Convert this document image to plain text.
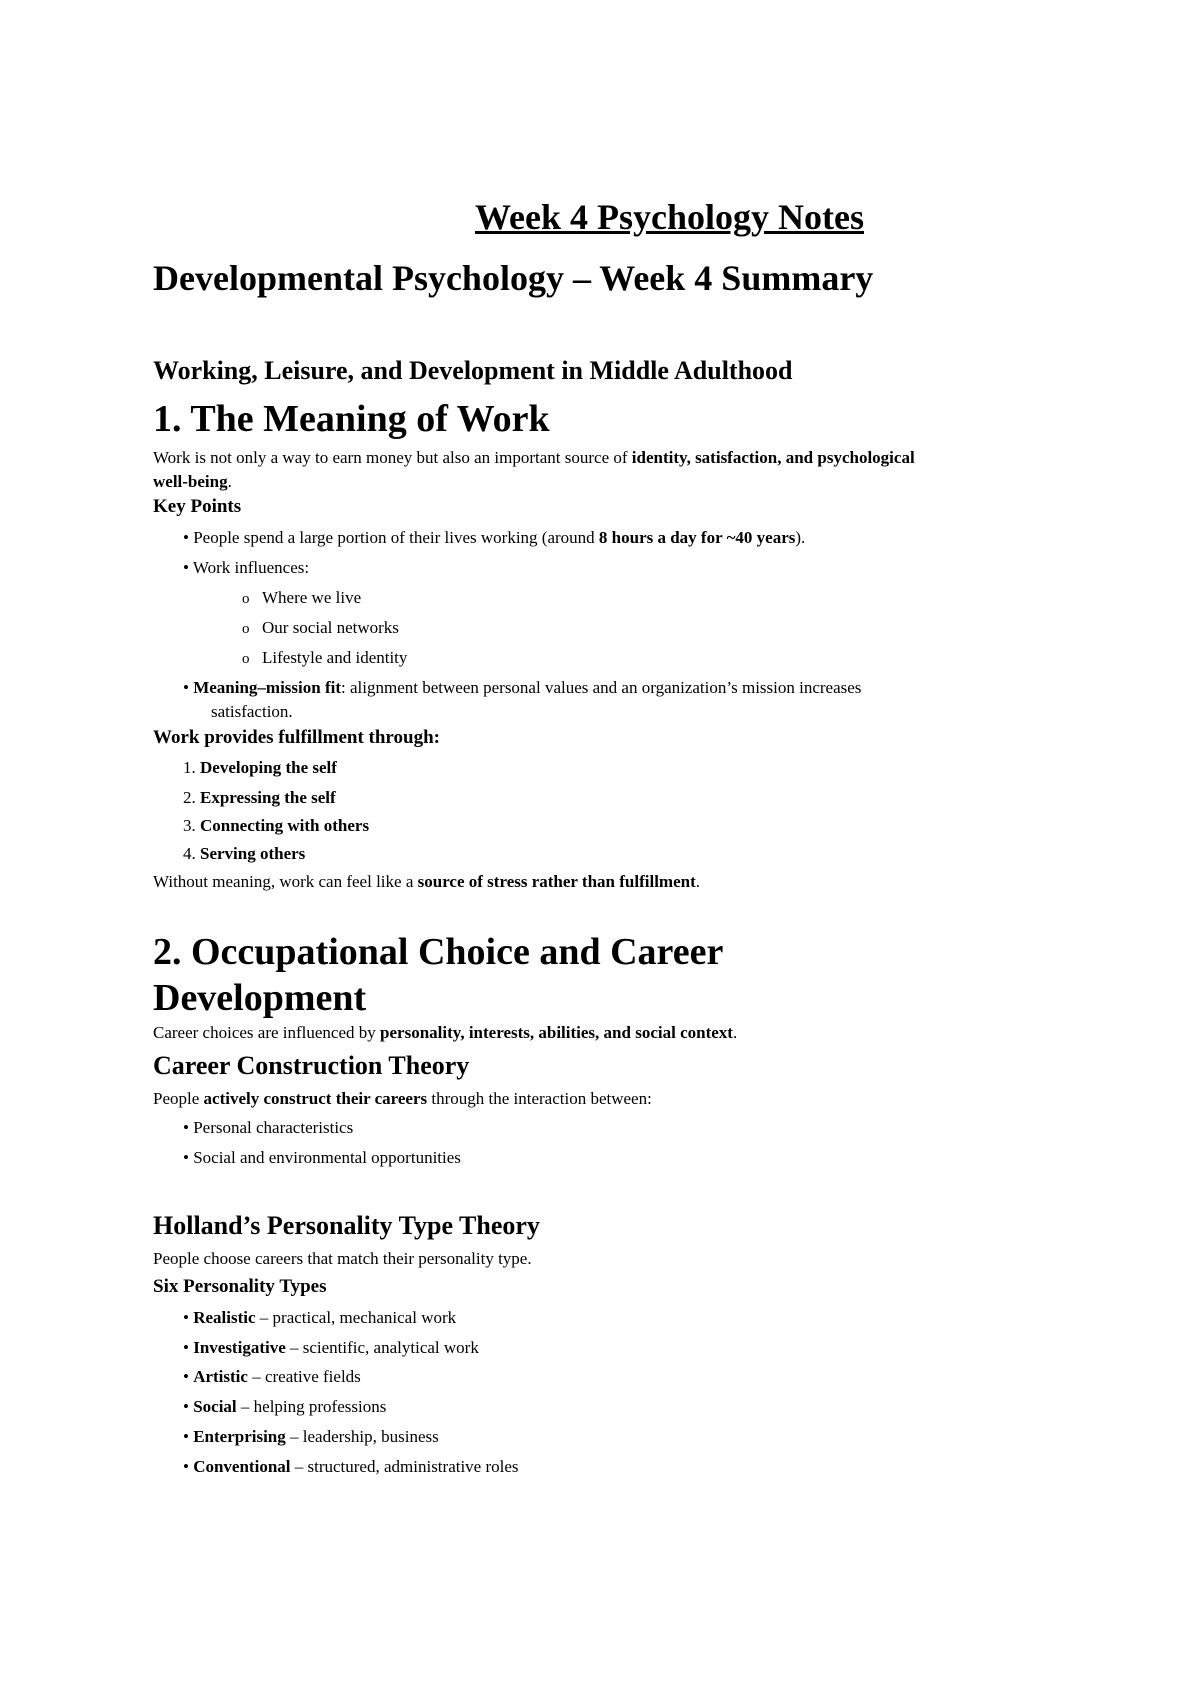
Week 4 Psychology Notes
Developmental Psychology – Week 4 Summary
Working, Leisure, and Development in Middle Adulthood
1. The Meaning of Work
Work is not only a way to earn money but also an important source of identity, satisfaction, and psychological well-being.
Key Points
• People spend a large portion of their lives working (around 8 hours a day for ~40 years).
• Work influences:
o Where we live
o Our social networks
o Lifestyle and identity
• Meaning–mission fit: alignment between personal values and an organization’s mission increases satisfaction.
Work provides fulfillment through:
1. Developing the self
2. Expressing the self
3. Connecting with others
4. Serving others
Without meaning, work can feel like a source of stress rather than fulfillment.
2. Occupational Choice and Career Development
Career choices are influenced by personality, interests, abilities, and social context.
Career Construction Theory
People actively construct their careers through the interaction between:
• Personal characteristics
• Social and environmental opportunities
Holland’s Personality Type Theory
People choose careers that match their personality type.
Six Personality Types
• Realistic – practical, mechanical work
• Investigative – scientific, analytical work
• Artistic – creative fields
• Social – helping professions
• Enterprising – leadership, business
• Conventional – structured, administrative roles
